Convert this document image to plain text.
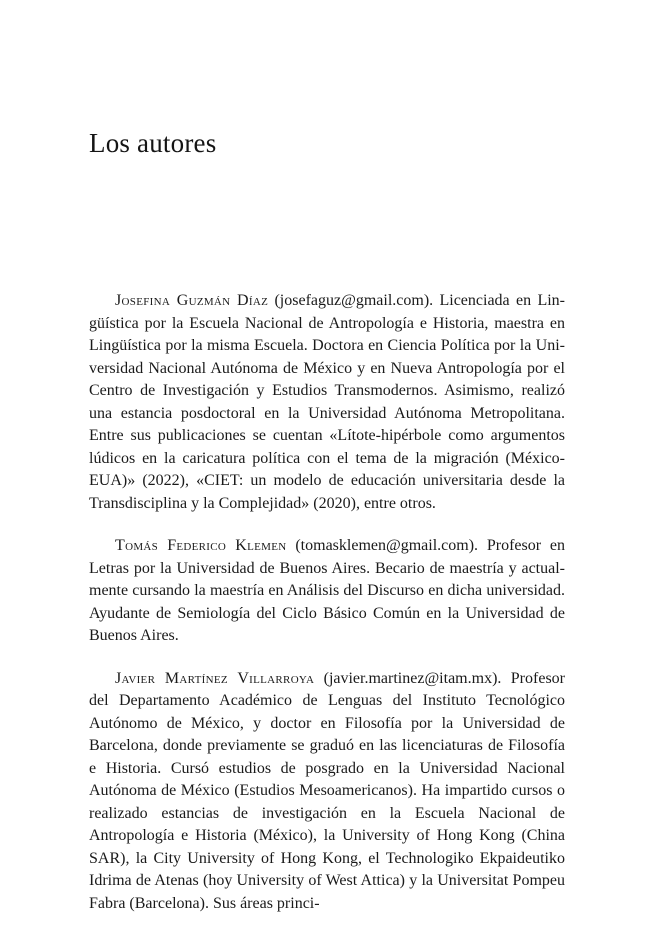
Los autores

Josefina Guzmán Díaz (josefaguz@gmail.com). Licenciada en Lingüística por la Escuela Nacional de Antropología e Historia, maestra en Lingüística por la misma Escuela. Doctora en Ciencia Política por la Universidad Nacional Autónoma de México y en Nueva Antropología por el Centro de Investigación y Estudios Transmodernos. Asimismo, realizó una estancia posdoctoral en la Universidad Autónoma Metropolitana. Entre sus publicaciones se cuentan «Lítote-hipérbole como argumentos lúdicos en la caricatura política con el tema de la migración (México-EUA)» (2022), «CIET: un modelo de educación universitaria desde la Transdisciplina y la Complejidad» (2020), entre otros.

Tomás Federico Klemen (tomasklemen@gmail.com). Profesor en Letras por la Universidad de Buenos Aires. Becario de maestría y actualmente cursando la maestría en Análisis del Discurso en dicha universidad. Ayudante de Semiología del Ciclo Básico Común en la Universidad de Buenos Aires.

Javier Martínez Villarroya (javier.martinez@itam.mx). Profesor del Departamento Académico de Lenguas del Instituto Tecnológico Autónomo de México, y doctor en Filosofía por la Universidad de Barcelona, donde previamente se graduó en las licenciaturas de Filosofía e Historia. Cursó estudios de posgrado en la Universidad Nacional Autónoma de México (Estudios Mesoamericanos). Ha impartido cursos o realizado estancias de investigación en la Escuela Nacional de Antropología e Historia (México), la University of Hong Kong (China SAR), la City University of Hong Kong, el Technologiko Ekpaideutiko Idrima de Atenas (hoy University of West Attica) y la Universitat Pompeu Fabra (Barcelona). Sus áreas princi-
